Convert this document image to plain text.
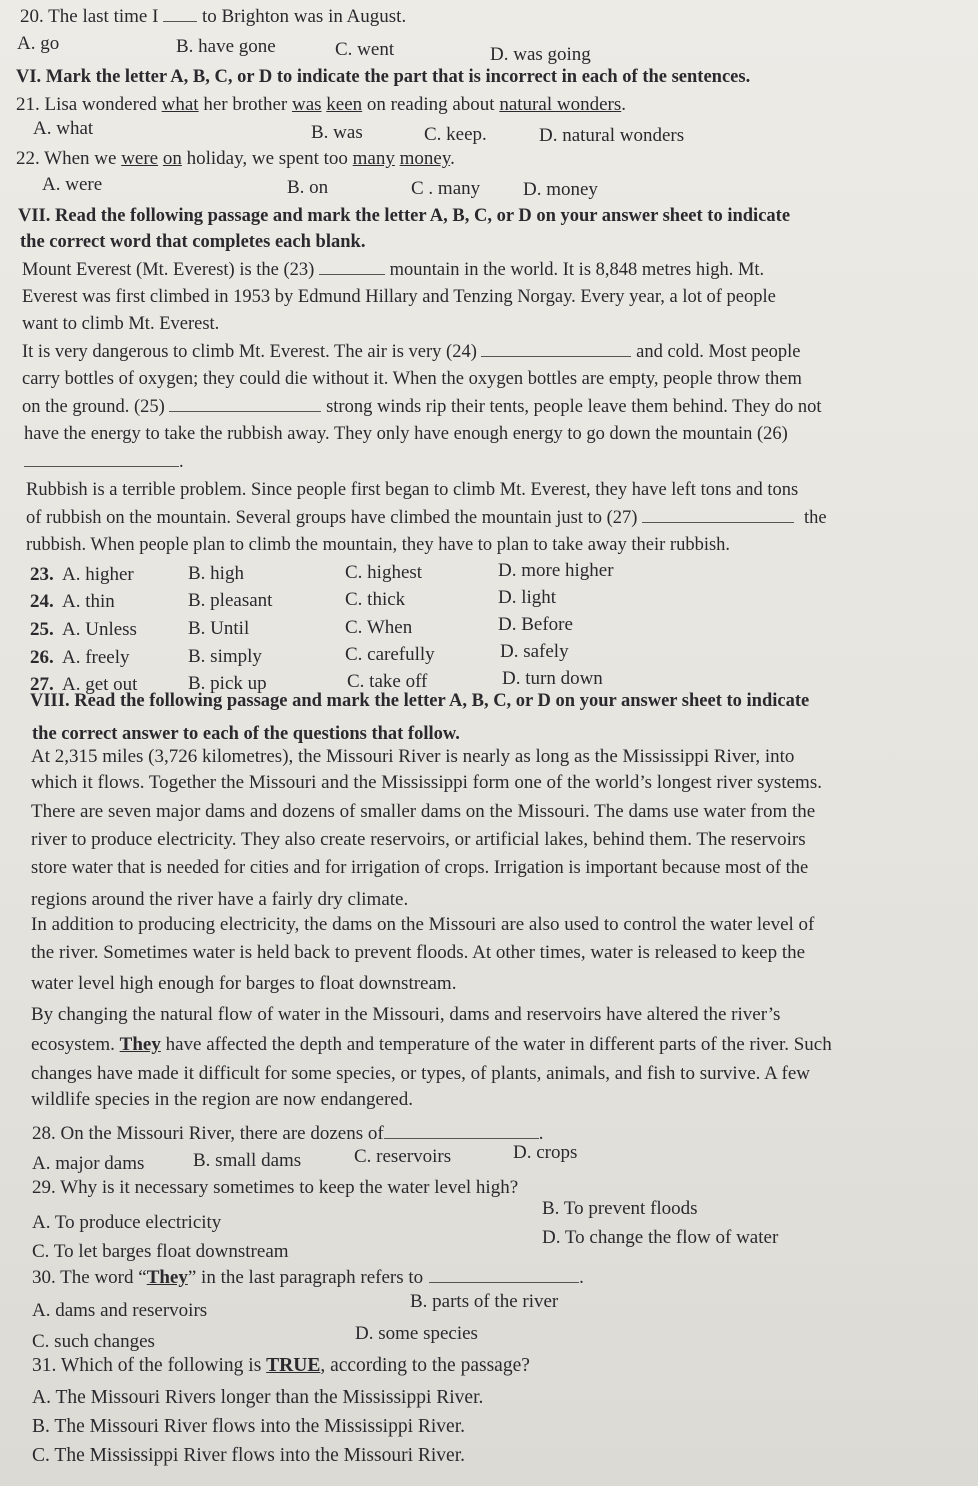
20. The last time I  to Brighton was in August.
A. go	B. have gone	C. went	D. was going
VI. Mark the letter A, B, C, or D to indicate the part that is incorrect in each of the sentences.
21. Lisa wondered what her brother was keen on reading about natural wonders.
A. what	B. was	C. keep.	D. natural wonders
22. When we were on holiday, we spent too many money.
A. were	B. on	C . many D. money
VII. Read the following passage and mark the letter A, B, C, or D on your answer sheet to indicate
the correct word that completes each blank.
Mount Everest (Mt. Everest) is the (23)	mountain in the world. It is 8,848 metres high. Mt.
Everest was first climbed in 1953 by Edmund Hillary and Tenzing Norgay. Every year, a lot of people
want to climb Mt. Everest.
It is very dangerous to climb Mt. Everest. The air is very (24)	and cold. Most people
carry bottles of oxygen; they could die without it. When the oxygen bottles are empty, people throw them
on the ground. (25)	strong winds rip their tents, people leave them behind. They do not
have the energy to take the rubbish away. They only have enough energy to go down the mountain (26)
.
Rubbish is a terrible problem. Since people first began to climb Mt. Everest, they have left tons and tons
of rubbish on the mountain. Several groups have climbed the mountain just to (27)	the
rubbish. When people plan to climb the mountain, they have to plan to take away their rubbish.
23. A. higher	B. high	C. highest	D. more higher
24. A. thin	B. pleasant	C. thick	D. light
25. A. Unless	B. Until	C. When	D. Before
26. A. freely	B. simply	C. carefully	D. safely
27. A. get out	B. pick up	C. take off	D. turn down
VIII. Read the following passage and mark the letter A, B, C, or D on your answer sheet to indicate
the correct answer to each of the questions that follow.
At 2,315 miles (3,726 kilometres), the Missouri River is nearly as long as the Mississippi River, into
which it flows. Together the Missouri and the Mississippi form one of the world’s longest river systems.
There are seven major dams and dozens of smaller dams on the Missouri. The dams use water from the
river to produce electricity. They also create reservoirs, or artificial lakes, behind them. The reservoirs
store water that is needed for cities and for irrigation of crops. Irrigation is important because most of the
regions around the river have a fairly dry climate.
In addition to producing electricity, the dams on the Missouri are also used to control the water level of
the river. Sometimes water is held back to prevent floods. At other times, water is released to keep the
water level high enough for barges to float downstream.
By changing the natural flow of water in the Missouri, dams and reservoirs have altered the river’s
ecosystem. They have affected the depth and temperature of the water in different parts of the river. Such
changes have made it difficult for some species, or types, of plants, animals, and fish to survive. A few
wildlife species in the region are now endangered.
28. On the Missouri River, there are dozens of	.
A. major dams	B. small dams	C. reservoirs	D. crops
29. Why is it necessary sometimes to keep the water level high?
A. To produce electricity
B. To prevent floods
C. To let barges float downstream
D. To change the flow of water
30. The word “They” in the last paragraph refers to	.
A. dams and reservoirs	B. parts of the river
C. such changes	D. some species
31. Which of the following is TRUE, according to the passage?
A. The Missouri Rivers longer than the Mississippi River.
B. The Missouri River flows into the Mississippi River.
C. The Mississippi River flows into the Missouri River.
